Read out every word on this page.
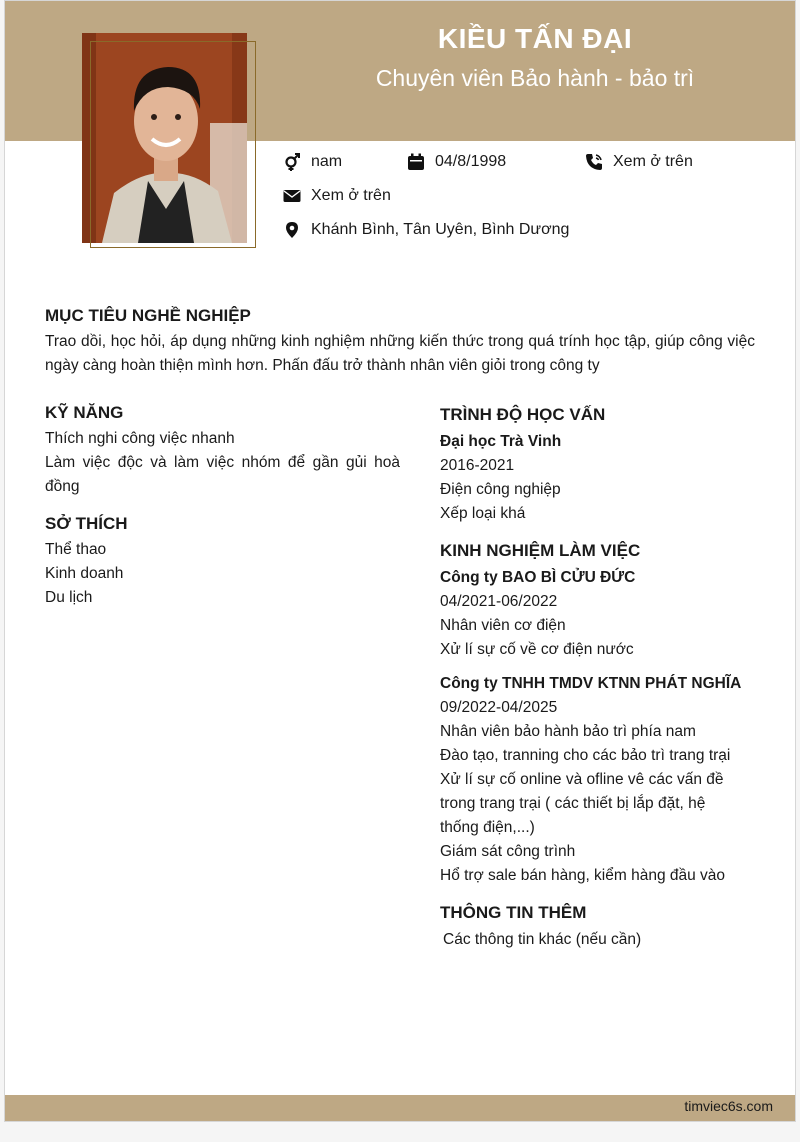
KIỀU TẤN ĐẠI
Chuyên viên Bảo hành - bảo trì
nam	04/8/1998	Xem ở trên
Xem ở trên
Khánh Bình, Tân Uyên, Bình Dương
MỤC TIÊU NGHỀ NGHIỆP
Trao dồi, học hỏi, áp dụng những kinh nghiệm những kiến thức trong quá trính học tập, giúp công việc ngày càng hoàn thiện mình hơn. Phấn đấu trở thành nhân viên giỏi trong công ty
KỸ NĂNG
Thích nghi công việc nhanh
Làm việc độc và làm việc nhóm để gần gủi hoà đồng
SỞ THÍCH
Thể thao
Kinh doanh
Du lịch
TRÌNH ĐỘ HỌC VẤN
Đại học Trà Vinh
2016-2021
Điện công nghiệp
Xếp loại khá
KINH NGHIỆM LÀM VIỆC
Công ty BAO BÌ CỬU ĐỨC
04/2021-06/2022
Nhân viên cơ điện
Xử lí sự cố về cơ điện nước
Công ty TNHH TMDV KTNN PHÁT NGHĨA
09/2022-04/2025
Nhân viên bảo hành bảo trì phía nam
Đào tạo, tranning cho các bảo trì trang trại
Xử lí sự cố online và ofline vê các vấn đề trong trang trại ( các thiết bị lắp đặt, hệ thống điện,...)
Giám sát công trình
Hổ trợ sale bán hàng, kiểm hàng đầu vào
THÔNG TIN THÊM
Các thông tin khác (nếu cần)
timviec6s.com
